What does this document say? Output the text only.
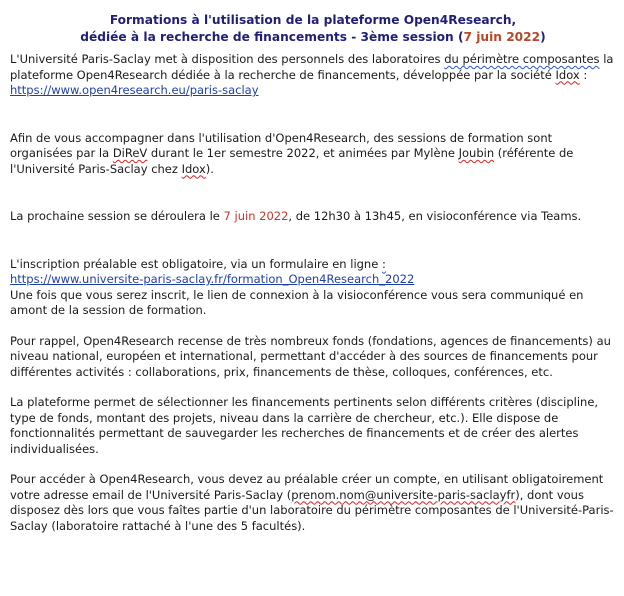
Formations à l'utilisation de la plateforme Open4Research,
dédiée à la recherche de financements - 3ème session (7 juin 2022)

L'Université Paris-Saclay met à disposition des personnels des laboratoires du périmètre composantes la plateforme Open4Research dédiée à la recherche de financements, développée par la société Idox :
https://www.open4research.eu/paris-saclay

Afin de vous accompagner dans l'utilisation d'Open4Research, des sessions de formation sont organisées par la DiReV durant le 1er semestre 2022, et animées par Mylène Joubin (référente de l'Université Paris-Saclay chez Idox).

La prochaine session se déroulera le 7 juin 2022, de 12h30 à 13h45, en visioconférence via Teams.

L'inscription préalable est obligatoire, via un formulaire en ligne :
https://www.universite-paris-saclay.fr/formation_Open4Research_2022
Une fois que vous serez inscrit, le lien de connexion à la visioconférence vous sera communiqué en amont de la session de formation.

Pour rappel, Open4Research recense de très nombreux fonds (fondations, agences de financements) au niveau national, européen et international, permettant d'accéder à des sources de financements pour différentes activités : collaborations, prix, financements de thèse, colloques, conférences, etc.

La plateforme permet de sélectionner les financements pertinents selon différents critères (discipline, type de fonds, montant des projets, niveau dans la carrière de chercheur, etc.). Elle dispose de fonctionnalités permettant de sauvegarder les recherches de financements et de créer des alertes individualisées.

Pour accéder à Open4Research, vous devez au préalable créer un compte, en utilisant obligatoirement votre adresse email de l'Université Paris-Saclay (prenom.nom@universite-paris-saclayfr), dont vous disposez dès lors que vous faîtes partie d'un laboratoire du périmètre composantes de l'Université-Paris-Saclay (laboratoire rattaché à l'une des 5 facultés).
